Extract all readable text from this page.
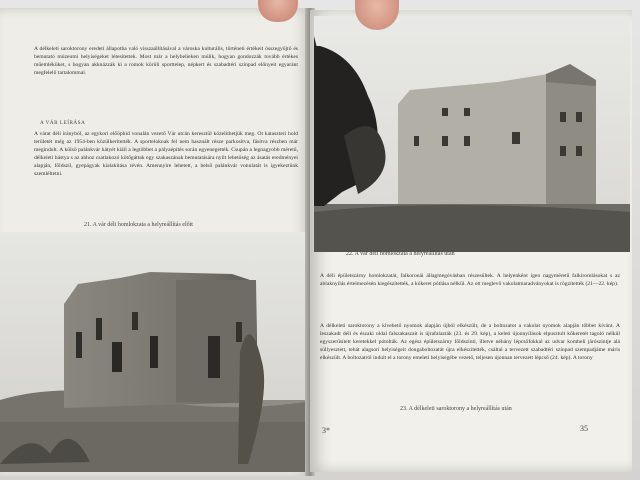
A délkeleti saroktorony eredeti állapotba való visszaállításával a városka kulturális, történeti értékeit összegyűjtő és bemutató múzeumi helyiségeket létesítettek. Most már a helybelieken múlik, hogyan gondozzák tovább értékes műemléküket, s hogyan akknázzák ki a romok körüli sportteleр, népkert és szabadtéri színpad előnyeit egyaránt megfelelő tartalommal.
A VÁR LEÍRÁSA
A várat déli irányból, az egykori előöphid vonalán vezető Vár utcán keresztül közelíthetjük meg. Ot kataszteri hold területét még az 1954-ben közülkerítették. A sporteloknak fel nem használt része parkosítva, fásítva részben már megindult. A külső palánkvár hátyét kiáll a legtöbbet a pályaépítés során egyenegették. Csupán a legnagyobb méretű, délkeleti bástya s az ahhoz csatlakozó kötőgáttak egy szakaszának bemutatására nyílt lehetőség az ásatás eredményei alapján, földszil, gyepágyak kialakítása révén. Amennyire lehetett, a belső palánkvár vonulatát is igyekeztünk szemléltetni.
21. A vár déli homlokzata a helyreállítás előtt
22. A vár déli homlokzata a helyreállítás után
A déli épületszárny homlokzatát, falkoronái állagmegóvásban részesültek. A helyenként igen nagyméretű falkiromlásokat s az ablaknyílás értelmezésén kiegészítették, a kőkeret pótlása nélkül. Az ott meglevő vakolatmaradványokat is rögzítették (21—22. kép).
A délkeleti saroktorony a kivehető nyomok alapján újból elkészült, de a boltozatot a vakolat nyomok alapján tőbbet kívánt. A leszakadt déli és északi oldal falszakaszait is újrafalazták (23. és 29. kép), a keleti újonnyílások elpusztult kőkeretét tagoló nélkül egyszerűsített keretekkel pótolták. Az egész épületszárny földszinti, illetve néhány lépcsőfokkal az udvar kombelí járószintje alá süllyesztett, tehát alagsori helyiségeit dongaboltozatát újra elkészítették, csáltal a tervezett szabadtéri színpad szempadjáme máris elkészült. A boltozatról indult el a torony emeleti helyiségébe vezető, teljesen újonnan tervezett lépcső (24. kép). A torony
23. A délkeleti saroktorony a helyreállítás után
3*	35
